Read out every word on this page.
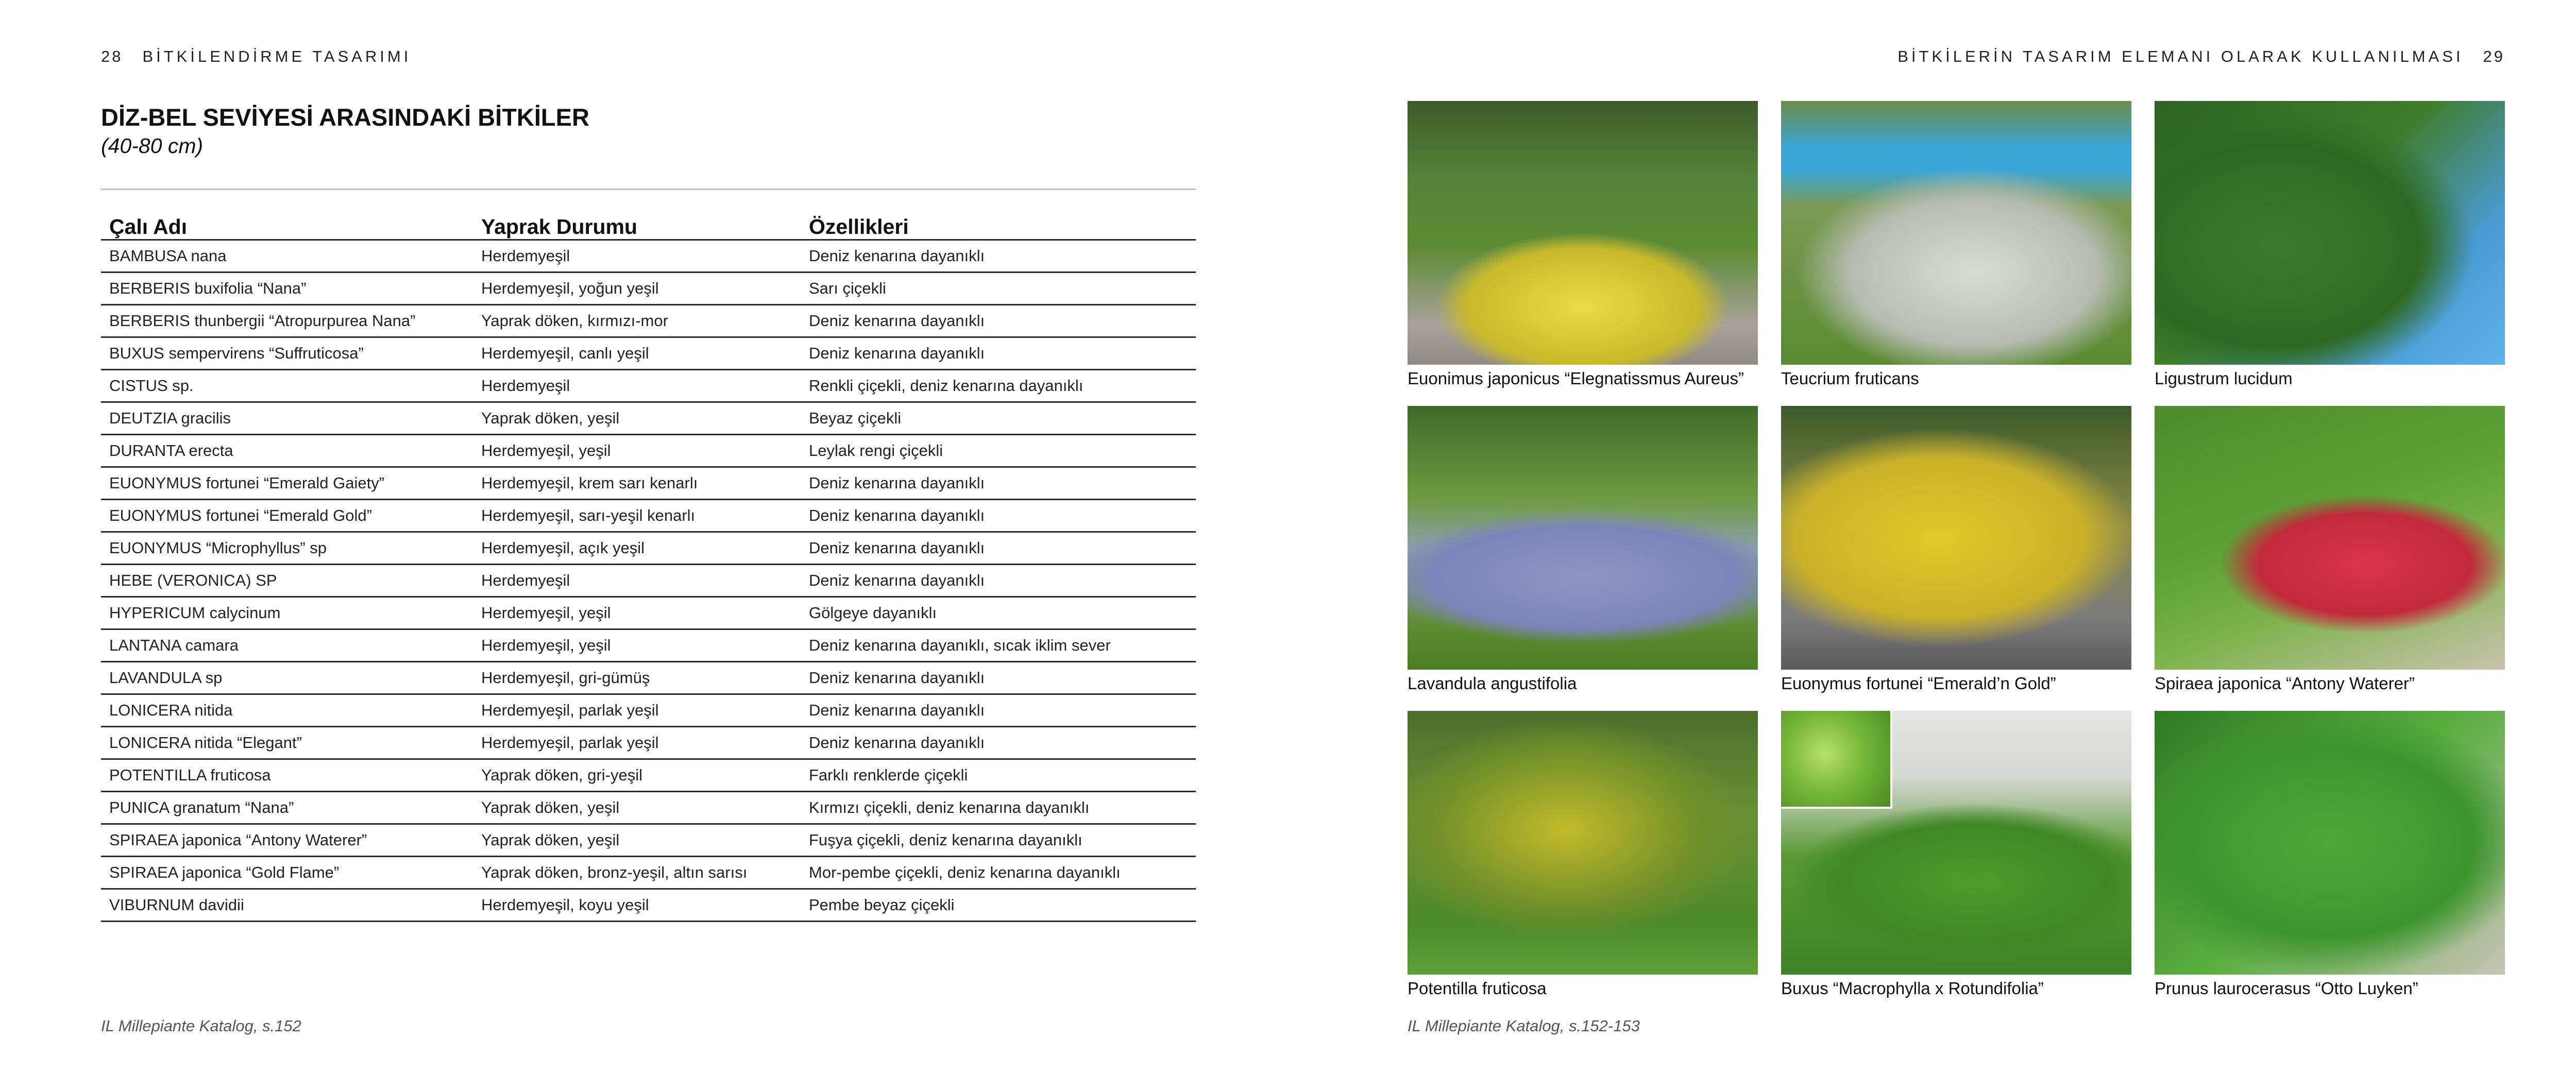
28 BİTKİLENDİRME TASARIMI
DİZ-BEL SEVİYESİ ARASINDAKİ BİTKİLER
(40-80 cm)
Çalı Adı	Yaprak Durumu	Özellikleri
BAMBUSA nana	Herdemyeşil	Deniz kenarına dayanıklı
BERBERIS buxifolia “Nana”	Herdemyeşil, yoğun yeşil	Sarı çiçekli
BERBERIS thunbergii “Atropurpurea Nana”	Yaprak döken, kırmızı-mor	Deniz kenarına dayanıklı
BUXUS sempervirens “Suffruticosa”	Herdemyeşil, canlı yeşil	Deniz kenarına dayanıklı
CISTUS sp.	Herdemyeşil	Renkli çiçekli, deniz kenarına dayanıklı
DEUTZIA gracilis	Yaprak döken, yeşil	Beyaz çiçekli
DURANTA erecta	Herdemyeşil, yeşil	Leylak rengi çiçekli
EUONYMUS fortunei “Emerald Gaiety”	Herdemyeşil, krem sarı kenarlı	Deniz kenarına dayanıklı
EUONYMUS fortunei “Emerald Gold”	Herdemyeşil, sarı-yeşil kenarlı	Deniz kenarına dayanıklı
EUONYMUS “Microphyllus” sp	Herdemyeşil, açık yeşil	Deniz kenarına dayanıklı
HEBE (VERONICA) SP	Herdemyeşil	Deniz kenarına dayanıklı
HYPERICUM calycinum	Herdemyeşil, yeşil	Gölgeye dayanıklı
LANTANA camara	Herdemyeşil, yeşil	Deniz kenarına dayanıklı, sıcak iklim sever
LAVANDULA sp	Herdemyeşil, gri-gümüş	Deniz kenarına dayanıklı
LONICERA nitida	Herdemyeşil, parlak yeşil	Deniz kenarına dayanıklı
LONICERA nitida “Elegant”	Herdemyeşil, parlak yeşil	Deniz kenarına dayanıklı
POTENTILLA fruticosa	Yaprak döken, gri-yeşil	Farklı renklerde çiçekli
PUNICA granatum “Nana”	Yaprak döken, yeşil	Kırmızı çiçekli, deniz kenarına dayanıklı
SPIRAEA japonica “Antony Waterer”	Yaprak döken, yeşil	Fuşya çiçekli, deniz kenarına dayanıklı
SPIRAEA japonica “Gold Flame”	Yaprak döken, bronz-yeşil, altın sarısı	Mor-pembe çiçekli, deniz kenarına dayanıklı
VIBURNUM davidii	Herdemyeşil, koyu yeşil	Pembe beyaz çiçekli
IL Millepiante Katalog, s.152
BİTKİLERİN TASARIM ELEMANI OLARAK KULLANILMASI 29
Euonimus japonicus “Elegnatissmus Aureus”	Teucrium fruticans	Ligustrum lucidum
Lavandula angustifolia	Euonymus fortunei “Emerald’n Gold”	Spiraea japonica “Antony Waterer”
Potentilla fruticosa	Buxus “Macrophylla x Rotundifolia”	Prunus laurocerasus “Otto Luyken”
IL Millepiante Katalog, s.152-153
